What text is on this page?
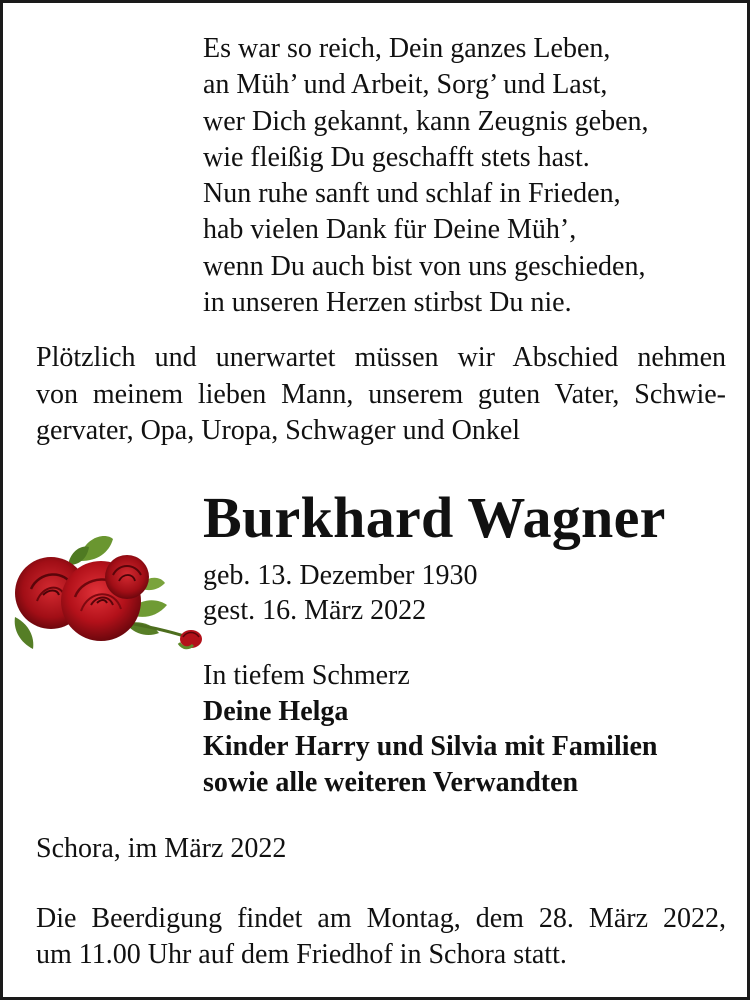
Es war so reich, Dein ganzes Leben,
an Müh’ und Arbeit, Sorg’ und Last,
wer Dich gekannt, kann Zeugnis geben,
wie fleißig Du geschafft stets hast.
Nun ruhe sanft und schlaf in Frieden,
hab vielen Dank für Deine Müh’,
wenn Du auch bist von uns geschieden,
in unseren Herzen stirbst Du nie.
Plötzlich und unerwartet müssen wir Abschied nehmen
von meinem lieben Mann, unserem guten Vater, Schwie-
gervater, Opa, Uropa, Schwager und Onkel
Burkhard Wagner
geb. 13. Dezember 1930
gest. 16. März 2022
In tiefem Schmerz
Deine Helga
Kinder Harry und Silvia mit Familien
sowie alle weiteren Verwandten
Schora, im März 2022
Die Beerdigung findet am Montag, dem 28. März 2022,
um 11.00 Uhr auf dem Friedhof in Schora statt.
